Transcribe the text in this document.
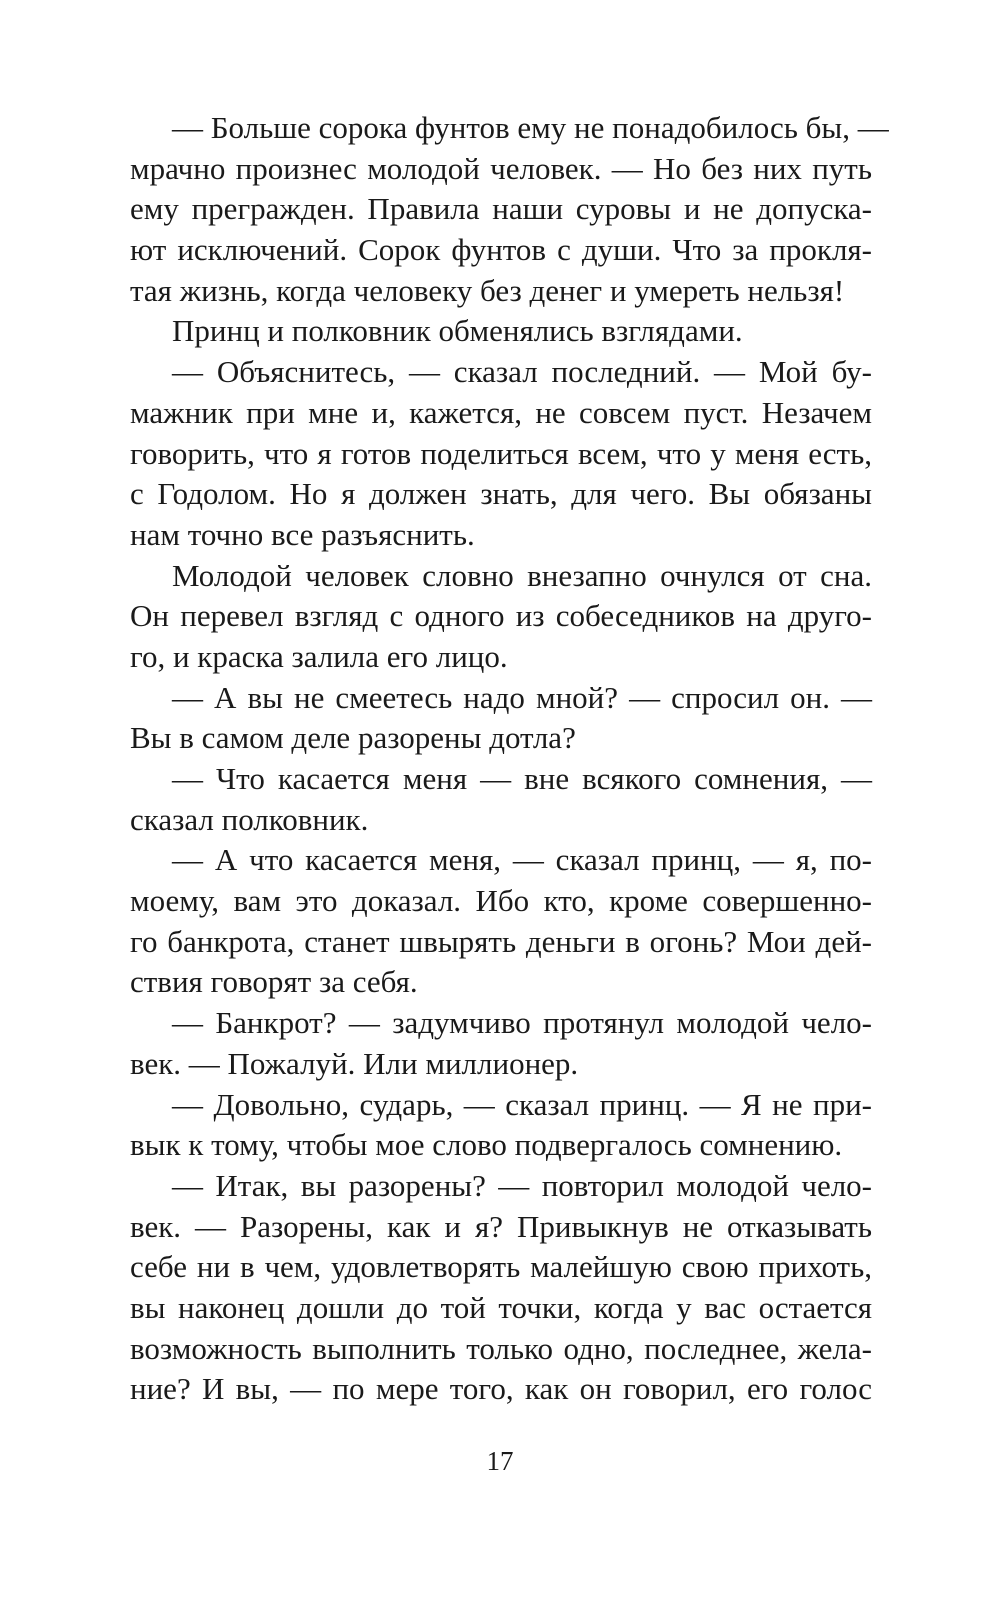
— Больше сорока фунтов ему не понадобилось бы, —
мрачно произнес молодой человек. — Но без них путь
ему прегражден. Правила наши суровы и не допуска-
ют исключений. Сорок фунтов с души. Что за прокля-
тая жизнь, когда человеку без денег и умереть нельзя!
Принц и полковник обменялись взглядами.
— Объяснитесь, — сказал последний. — Мой бу-
мажник при мне и, кажется, не совсем пуст. Незачем
говорить, что я готов поделиться всем, что у меня есть,
с Годолом. Но я должен знать, для чего. Вы обязаны
нам точно все разъяснить.
Молодой человек словно внезапно очнулся от сна.
Он перевел взгляд с одного из собеседников на друго-
го, и краска залила его лицо.
— А вы не смеетесь надо мной? — спросил он. —
Вы в самом деле разорены дотла?
— Что касается меня — вне всякого сомнения, —
сказал полковник.
— А что касается меня, — сказал принц, — я, по-
моему, вам это доказал. Ибо кто, кроме совершенно-
го банкрота, станет швырять деньги в огонь? Мои дей-
ствия говорят за себя.
— Банкрот? — задумчиво протянул молодой чело-
век. — Пожалуй. Или миллионер.
— Довольно, сударь, — сказал принц. — Я не при-
вык к тому, чтобы мое слово подвергалось сомнению.
— Итак, вы разорены? — повторил молодой чело-
век. — Разорены, как и я? Привыкнув не отказывать
себе ни в чем, удовлетворять малейшую свою прихоть,
вы наконец дошли до той точки, когда у вас остается
возможность выполнить только одно, последнее, жела-
ние? И вы, — по мере того, как он говорил, его голос
17
